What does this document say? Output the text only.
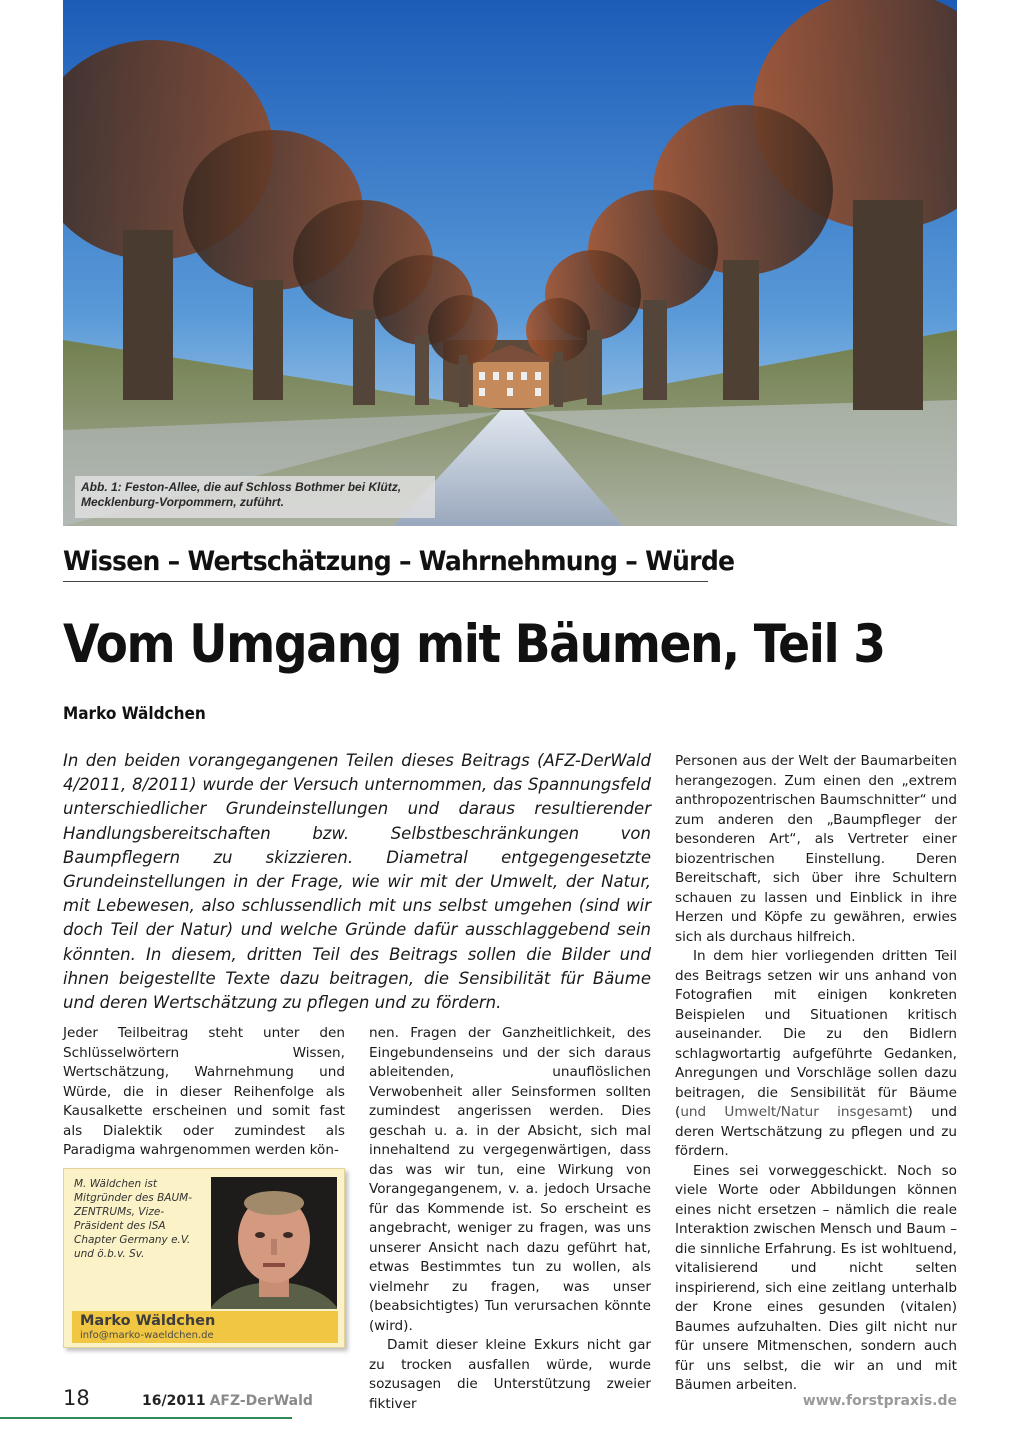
Abb. 1: Feston-Allee, die auf Schloss Bothmer bei Klütz,
Mecklenburg-Vorpommern, zuführt.
Wissen – Wertschätzung – Wahrnehmung – Würde
Vom Umgang mit Bäumen, Teil 3
Marko Wäldchen
In den beiden vorangegangenen Teilen dieses Beitrags (AFZ-DerWald 4/2011, 8/2011) wurde der Versuch unternommen, das Spannungsfeld unterschiedlicher Grundeinstellungen und daraus resultierender Handlungsbereitschaften bzw. Selbstbeschränkungen von Baumpflegern zu skizzieren. Diametral entgegengesetzte Grundeinstellungen in der Frage, wie wir mit der Umwelt, der Natur, mit Lebewesen, also schlussendlich mit uns selbst umgehen (sind wir doch Teil der Natur) und welche Gründe dafür ausschlaggebend sein könnten. In diesem, dritten Teil des Beitrags sollen die Bilder und ihnen beigestellte Texte dazu beitragen, die Sensibilität für Bäume und deren Wertschätzung zu pflegen und zu fördern.

Jeder Teilbeitrag steht unter den Schlüsselwörtern Wissen, Wertschätzung, Wahrnehmung und Würde, die in dieser Reihenfolge als Kausalkette erscheinen und somit fast als Dialektik oder zumindest als Paradigma wahrgenommen werden kön-

M. Wäldchen ist Mitgründer des BAUM-ZENTRUMs, Vize-Präsident des ISA Chapter Germany e.V. und ö.b.v. Sv.
Marko Wäldchen
info@marko-waeldchen.de

nen. Fragen der Ganzheitlichkeit, des Eingebundenseins und der sich daraus ableitenden, unauflöslichen Verwobenheit aller Seinsformen sollten zumindest angerissen werden. Dies geschah u. a. in der Absicht, sich mal innehaltend zu vergegenwärtigen, dass das was wir tun, eine Wirkung von Vorangegangenem, v. a. jedoch Ursache für das Kommende ist. So erscheint es angebracht, weniger zu fragen, was uns unserer Ansicht nach dazu geführt hat, etwas Bestimmtes tun zu wollen, als vielmehr zu fragen, was unser (beabsichtigtes) Tun verursachen könnte (wird).

Damit dieser kleine Exkurs nicht gar zu trocken ausfallen würde, wurde sozusagen die Unterstützung zweier fiktiver

Personen aus der Welt der Baumarbeiten herangezogen. Zum einen den „extrem anthropozentrischen Baumschnitter“ und zum anderen den „Baumpfleger der besonderen Art“, als Vertreter einer biozentrischen Einstellung. Deren Bereitschaft, sich über ihre Schultern schauen zu lassen und Einblick in ihre Herzen und Köpfe zu gewähren, erwies sich als durchaus hilfreich.

In dem hier vorliegenden dritten Teil des Beitrags setzen wir uns anhand von Fotografien mit einigen konkreten Beispielen und Situationen kritisch auseinander. Die zu den Bidlern schlagwortartig aufgeführte Gedanken, Anregungen und Vorschläge sollen dazu beitragen, die Sensibilität für Bäume (und Umwelt/Natur insgesamt) und deren Wertschätzung zu pflegen und zu fördern.

Eines sei vorweggeschickt. Noch so viele Worte oder Abbildungen können eines nicht ersetzen – nämlich die reale Interaktion zwischen Mensch und Baum – die sinnliche Erfahrung. Es ist wohltuend, vitalisierend und nicht selten inspirierend, sich eine zeitlang unterhalb der Krone eines gesunden (vitalen) Baumes aufzuhalten. Dies gilt nicht nur für unsere Mitmenschen, sondern auch für uns selbst, die wir an und mit Bäumen arbeiten.

18	16/2011 AFZ-DerWald	www.forstpraxis.de
